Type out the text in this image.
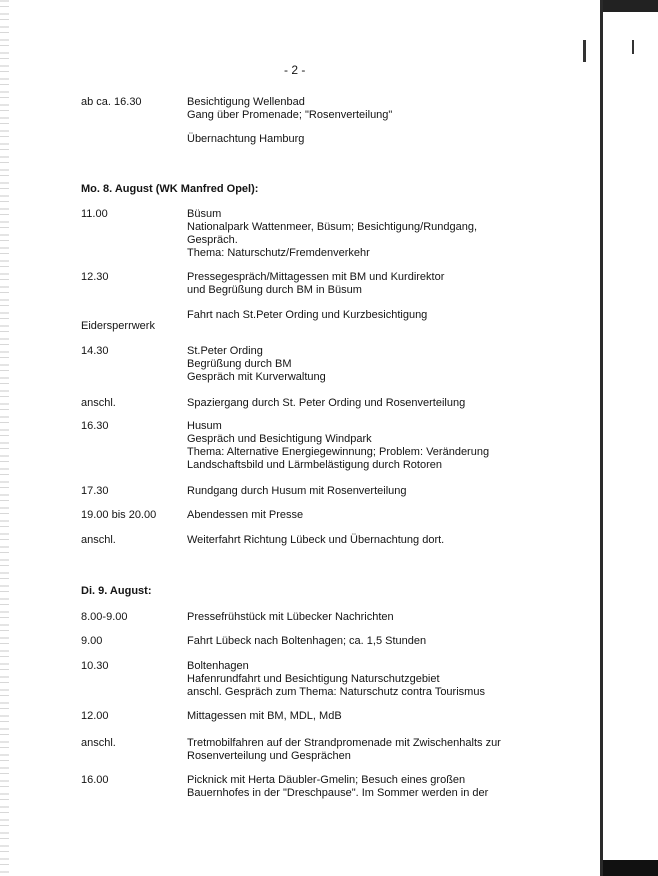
- 2 -
ab ca. 16.30	Besichtigung Wellenbad
Gang über Promenade; "Rosenverteilung"
Übernachtung Hamburg
Mo. 8. August (WK Manfred Opel):
11.00	Büsum
Nationalpark Wattenmeer, Büsum; Besichtigung/Rundgang,
Gespräch.
Thema: Naturschutz/Fremdenverkehr
12.30	Pressegespräch/Mittagessen mit BM und Kurdirektor
und Begrüßung durch BM in Büsum
Fahrt nach St.Peter Ording und Kurzbesichtigung
Eidersperrwerk
14.30	St.Peter Ording
Begrüßung durch BM
Gespräch mit Kurverwaltung
anschl.	Spaziergang durch St. Peter Ording und Rosenverteilung
16.30	Husum
Gespräch und Besichtigung Windpark
Thema: Alternative Energiegewinnung; Problem: Veränderung
Landschaftsbild und Lärmbelästigung durch Rotoren
17.30	Rundgang durch Husum mit Rosenverteilung
19.00 bis 20.00	Abendessen mit Presse
anschl.	Weiterfahrt Richtung Lübeck und Übernachtung dort.
Di. 9. August:
8.00-9.00	Pressefrühstück mit Lübecker Nachrichten
9.00	Fahrt Lübeck nach Boltenhagen; ca. 1,5 Stunden
10.30	Boltenhagen
Hafenrundfahrt und Besichtigung Naturschutzgebiet
anschl. Gespräch zum Thema: Naturschutz contra Tourismus
12.00	Mittagessen mit BM, MDL, MdB
anschl.	Tretmobilfahren auf der Strandpromenade mit Zwischenhalts zur
Rosenverteilung und Gesprächen
16.00	Picknick mit Herta Däubler-Gmelin; Besuch eines großen
Bauernhofes in der "Dreschpause". Im Sommer werden in der
